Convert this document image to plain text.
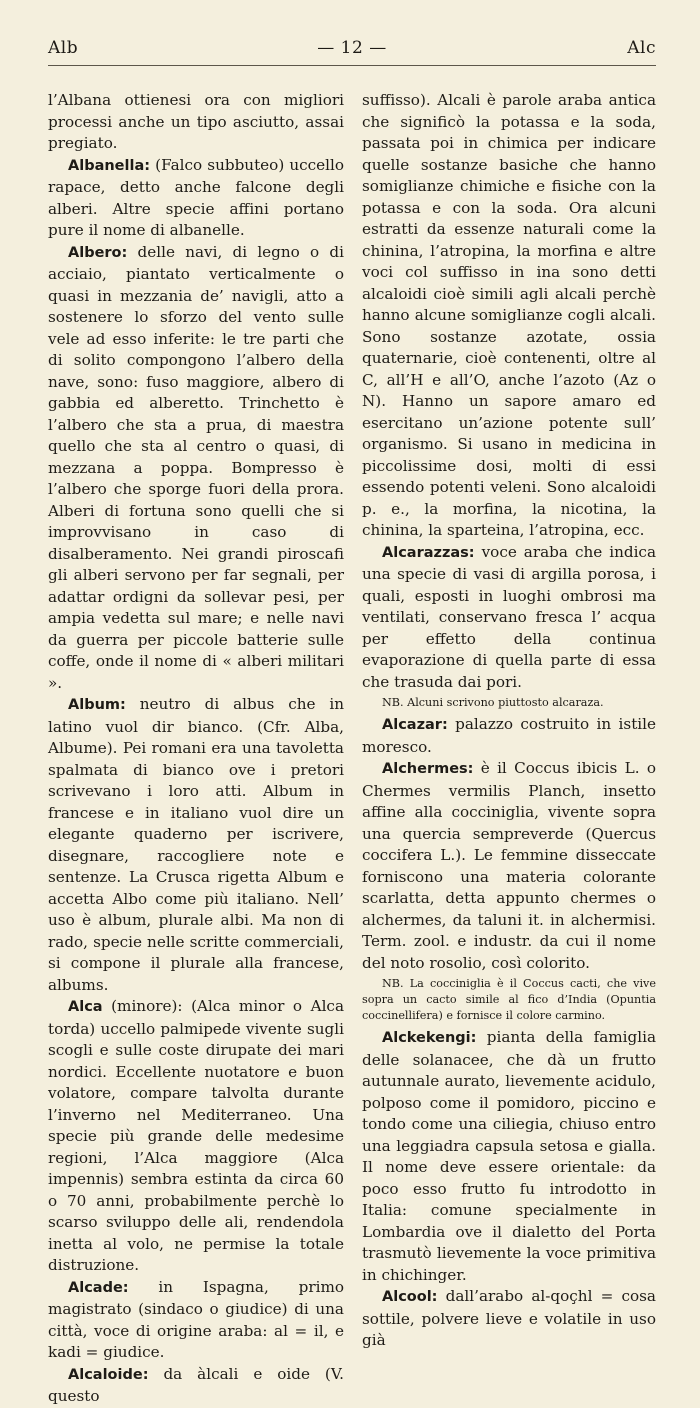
Alb	— 12 —	Alc

l’Albana ottienesi ora con migliori processi anche un tipo asciutto, assai pregiato.

Albanella: (Falco subbuteo) uccello rapace, detto anche falcone degli alberi. Altre specie affini portano pure il nome di albanelle.

Albero: delle navi, di legno o di acciaio, piantato verticalmente o quasi in mezzania de’ navigli, atto a sostenere lo sforzo del vento sulle vele ad esso inferite: le tre parti che di solito compongono l’albero della nave, sono: fuso maggiore, albero di gabbia ed alberetto. Trinchetto è l’albero che sta a prua, di maestra quello che sta al centro o quasi, di mezzana a poppa. Bompresso è l’albero che sporge fuori della prora. Alberi di fortuna sono quelli che si improvvisano in caso di disalberamento. Nei grandi piroscafi gli alberi servono per far segnali, per adattar ordigni da sollevar pesi, per ampia vedetta sul mare; e nelle navi da guerra per piccole batterie sulle coffe, onde il nome di « alberi militari ».

Album: neutro di albus che in latino vuol dir bianco. (Cfr. Alba, Albume). Pei romani era una tavoletta spalmata di bianco ove i pretori scrivevano i loro atti. Album in francese e in italiano vuol dire un elegante quaderno per iscrivere, disegnare, raccogliere note e sentenze. La Crusca rigetta Album e accetta Albo come più italiano. Nell’ uso è album, plurale albi. Ma non di rado, specie nelle scritte commerciali, si compone il plurale alla francese, albums.

Alca (minore): (Alca minor o Alca torda) uccello palmipede vivente sugli scogli e sulle coste dirupate dei mari nordici. Eccellente nuotatore e buon volatore, compare talvolta durante l’inverno nel Mediterraneo. Una specie più grande delle medesime regioni, l’Alca maggiore (Alca impennis) sembra estinta da circa 60 o 70 anni, probabilmente perchè lo scarso sviluppo delle ali, rendendola inetta al volo, ne permise la totale distruzione.

Alcade: in Ispagna, primo magistrato (sindaco o giudice) di una città, voce di origine araba: al = il, e kadi = giudice.

Alcaloide: da àlcali e oide (V. questo

suffisso). Alcali è parole araba antica che significò la potassa e la soda, passata poi in chimica per indicare quelle sostanze basiche che hanno somiglianze chimiche e fisiche con la potassa e con la soda. Ora alcuni estratti da essenze naturali come la chinina, l’atropina, la morfina e altre voci col suffisso in ina sono detti alcaloidi cioè simili agli alcali perchè hanno alcune somiglianze cogli alcali. Sono sostanze azotate, ossia quaternarie, cioè contenenti, oltre al C, all’H e all’O, anche l’azoto (Az o N). Hanno un sapore amaro ed esercitano un’azione potente sull’ organismo. Si usano in medicina in piccolissime dosi, molti di essi essendo potenti veleni. Sono alcaloidi p. e., la morfina, la nicotina, la chinina, la sparteina, l’atropina, ecc.

Alcarazzas: voce araba che indica una specie di vasi di argilla porosa, i quali, esposti in luoghi ombrosi ma ventilati, conservano fresca l’ acqua per effetto della continua evaporazione di quella parte di essa che trasuda dai pori.

NB. Alcuni scrivono piuttosto alcaraza.

Alcazar: palazzo costruito in istile moresco.

Alchermes: è il Coccus ibicis L. o Chermes vermilis Planch, insetto affine alla cocciniglia, vivente sopra una quercia sempreverde (Quercus coccifera L.). Le femmine disseccate forniscono una materia colorante scarlatta, detta appunto chermes o alchermes, da taluni it. in alchermisi. Term. zool. e industr. da cui il nome del noto rosolio, così colorito.

NB. La cocciniglia è il Coccus cacti, che vive sopra un cacto simile al fico d’India (Opuntia coccinellifera) e fornisce il colore carmino.

Alckekengi: pianta della famiglia delle solanacee, che dà un frutto autunnale aurato, lievemente acidulo, polposo come il pomidoro, piccino e tondo come una ciliegia, chiuso entro una leggiadra capsula setosa e gialla. Il nome deve essere orientale: da poco esso frutto fu introdotto in Italia: comune specialmente in Lombardia ove il dialetto del Porta trasmutò lievemente la voce primitiva in chichinger.

Alcool: dall’arabo al-qoçhl = cosa sottile, polvere lieve e volatile in uso già
